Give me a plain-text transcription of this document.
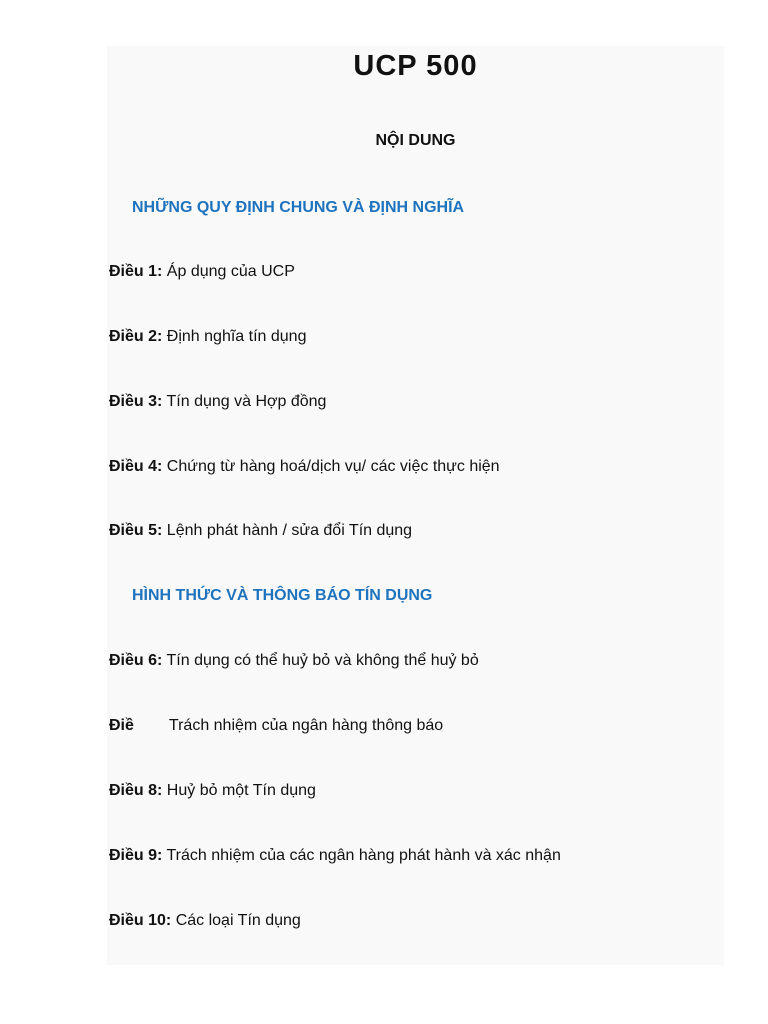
UCP 500
NỘI DUNG
NHỮNG QUY ĐỊNH CHUNG VÀ ĐỊNH NGHĨA
Điều 1: Áp dụng của UCP
Điều 2: Định nghĩa tín dụng
Điều 3: Tín dụng và Hợp đồng
Điều 4: Chứng từ hàng hoá/dịch vụ/ các việc thực hiện
Điều 5: Lệnh phát hành / sửa đổi Tín dụng
HÌNH THỨC VÀ THÔNG BÁO TÍN DỤNG
Điều 6: Tín dụng có thể huỷ bỏ và không thể huỷ bỏ
Điề Trách nhiệm của ngân hàng thông báo
Điều 8: Huỷ bỏ một Tín dụng
Điều 9: Trách nhiệm của các ngân hàng phát hành và xác nhận
Điều 10: Các loại Tín dụng
